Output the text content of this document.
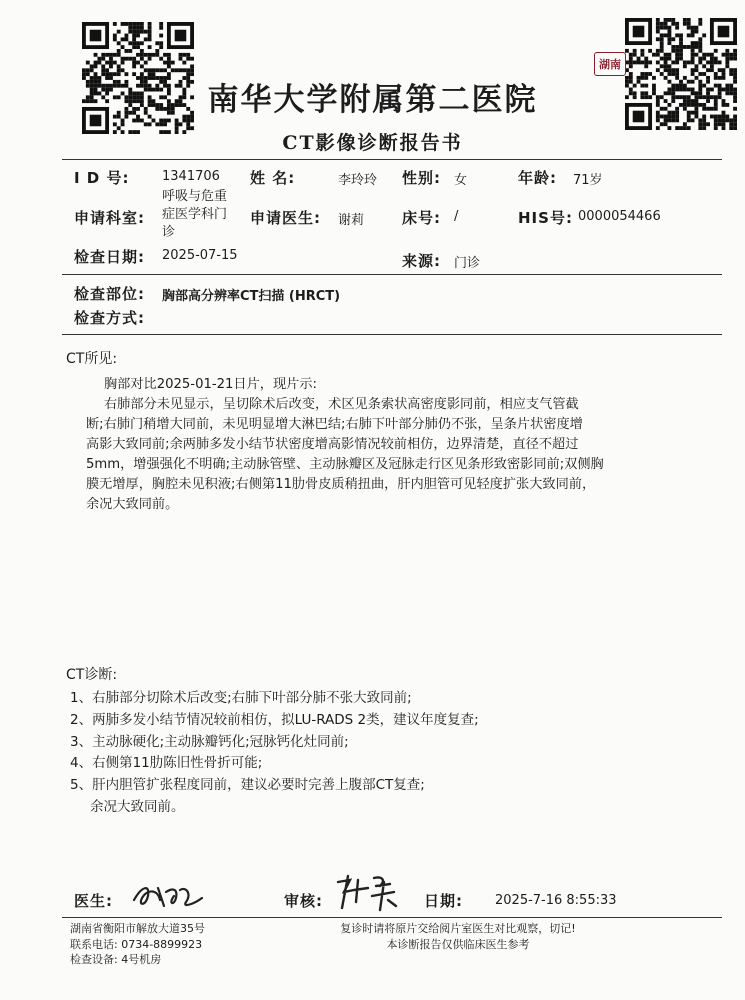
湖南
南华大学附属第二医院
CT影像诊断报告书
I D 号:	1341706 姓 名:	李玲玲 性别: 女	年龄: 71岁
申请科室:
呼吸与危重
症医学科门
诊
申请医生: 谢莉	床号: /	HIS号: 0000054466
检查日期: 2025-07-15	来源: 门诊
检查部位: 胸部高分辨率CT扫描 (HRCT)
检查方式:
CT所见:
胸部对比2025-01-21日片，现片示:
右肺部分未见显示，呈切除术后改变，术区见条索状高密度影同前，相应支气管截
断;右肺门稍增大同前，未见明显增大淋巴结;右肺下叶部分肺仍不张，呈条片状密度增
高影大致同前;余两肺多发小结节状密度增高影情况较前相仿，边界清楚，直径不超过
5mm，增强强化不明确;主动脉管壁、主动脉瓣区及冠脉走行区见条形致密影同前;双侧胸
膜无增厚，胸腔未见积液;右侧第11肋骨皮质稍扭曲，肝内胆管可见轻度扩张大致同前，
余况大致同前。
CT诊断:
1、右肺部分切除术后改变;右肺下叶部分肺不张大致同前;
2、两肺多发小结节情况较前相仿，拟LU-RADS 2类，建议年度复查;
3、主动脉硬化;主动脉瓣钙化;冠脉钙化灶同前;
4、右侧第11肋陈旧性骨折可能;
5、肝内胆管扩张程度同前，建议必要时完善上腹部CT复查;
余况大致同前。
医生:	审核:	日期: 2025-7-16 8:55:33
湖南省衡阳市解放大道35号
联系电话: 0734-8899923
检查设备: 4号机房
复诊时请将原片交给阅片室医生对比观察，切记!
本诊断报告仅供临床医生参考
